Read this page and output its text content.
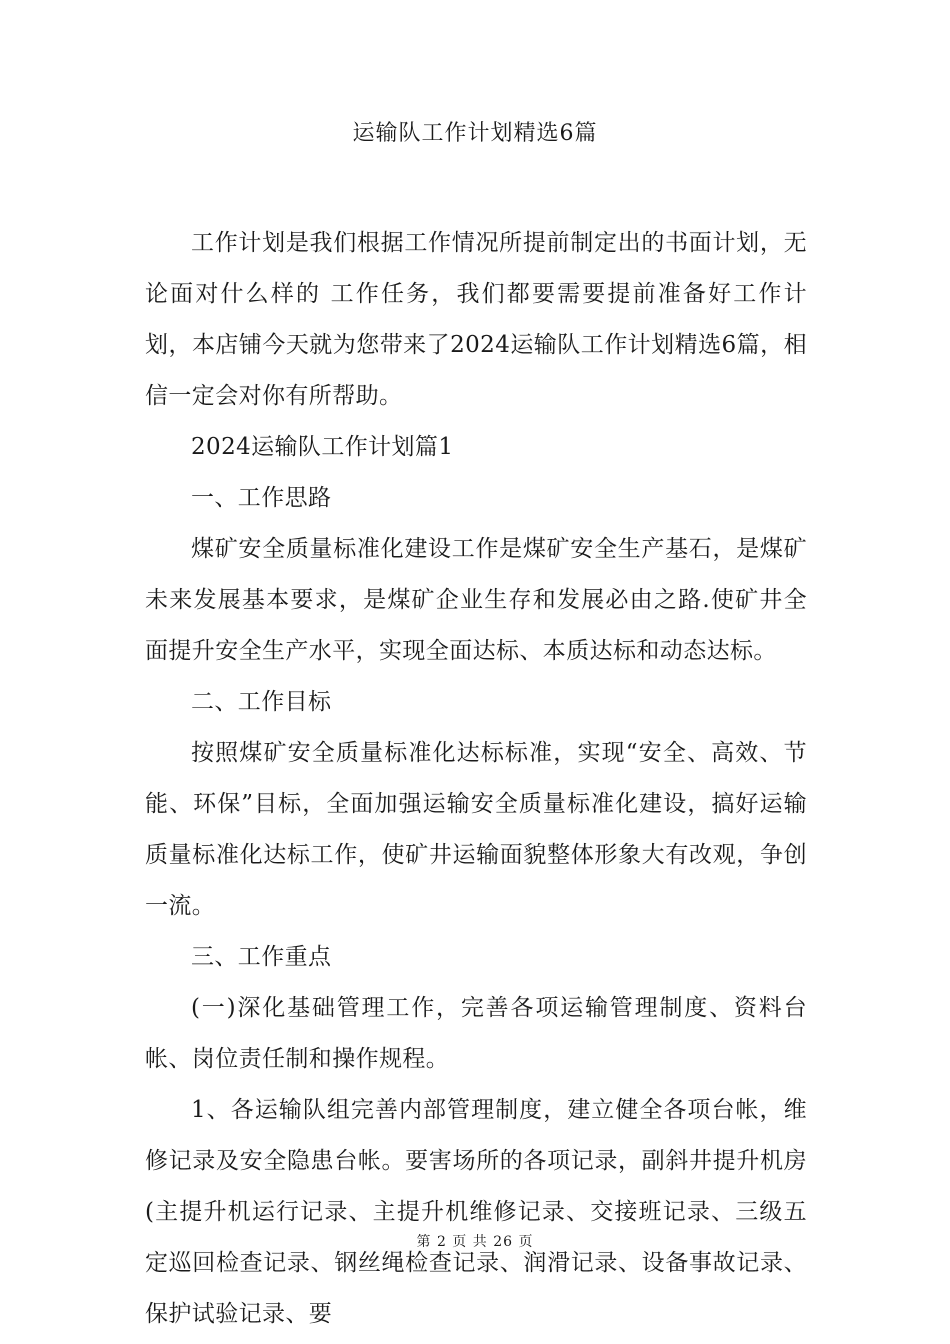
运输队工作计划精选6篇

工作计划是我们根据工作情况所提前制定出的书面计划，无论面对什么样的 工作任务，我们都要需要提前准备好工作计划，本店铺今天就为您带来了2024运输队工作计划精选6篇，相信一定会对你有所帮助。

2024运输队工作计划篇1

一、工作思路

煤矿安全质量标准化建设工作是煤矿安全生产基石，是煤矿未来发展基本要求，是煤矿企业生存和发展必由之路.使矿井全面提升安全生产水平，实现全面达标、本质达标和动态达标。

二、工作目标

按照煤矿安全质量标准化达标标准，实现“安全、高效、节能、环保”目标，全面加强运输安全质量标准化建设，搞好运输质量标准化达标工作，使矿井运输面貌整体形象大有改观，争创一流。

三、工作重点

(一)深化基础管理工作，完善各项运输管理制度、资料台帐、岗位责任制和操作规程。

1、各运输队组完善内部管理制度，建立健全各项台帐，维修记录及安全隐患台帐。要害场所的各项记录，副斜井提升机房(主提升机运行记录、主提升机维修记录、交接班记录、三级五定巡回检查记录、钢丝绳检查记录、润滑记录、设备事故记录、保护试验记录、要

第 2 页 共 26 页
